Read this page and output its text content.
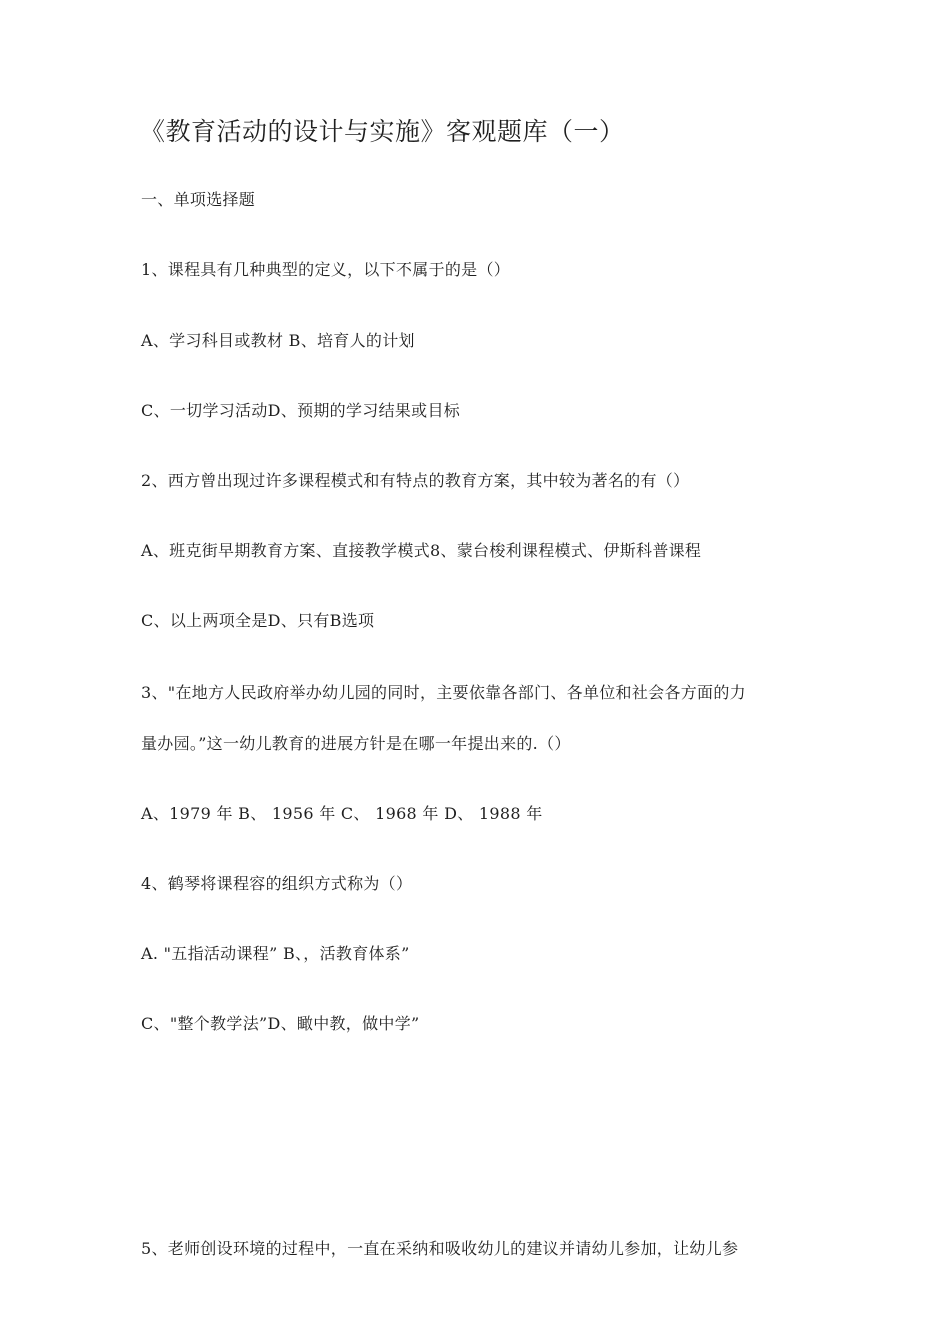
《教育活动的设计与实施》客观题库（一）
一、单项选择题
1、课程具有几种典型的定义，以下不属于的是（）
A、学习科目或教材 B、培育人的计划
C、一切学习活动D、预期的学习结果或目标
2、西方曾出现过许多课程模式和有特点的教育方案，其中较为著名的有（）
A、班克街早期教育方案、直接教学模式8、蒙台梭利课程模式、伊斯科普课程
C、以上两项全是D、只有B选项
3、"在地方人民政府举办幼儿园的同时，主要依靠各部门、各单位和社会各方面的力
量办园。”这一幼儿教育的进展方针是在哪一年提出来的.（）
A、1979 年 B、 1956 年 C、 1968 年 D、 1988 年
4、鹤琴将课程容的组织方式称为（）
A. "五指活动课程” B、，活教育体系”
C、"整个教学法”D、瞰中教，做中学”
5、老师创设环境的过程中，一直在采纳和吸收幼儿的建议并请幼儿参加，让幼儿参
